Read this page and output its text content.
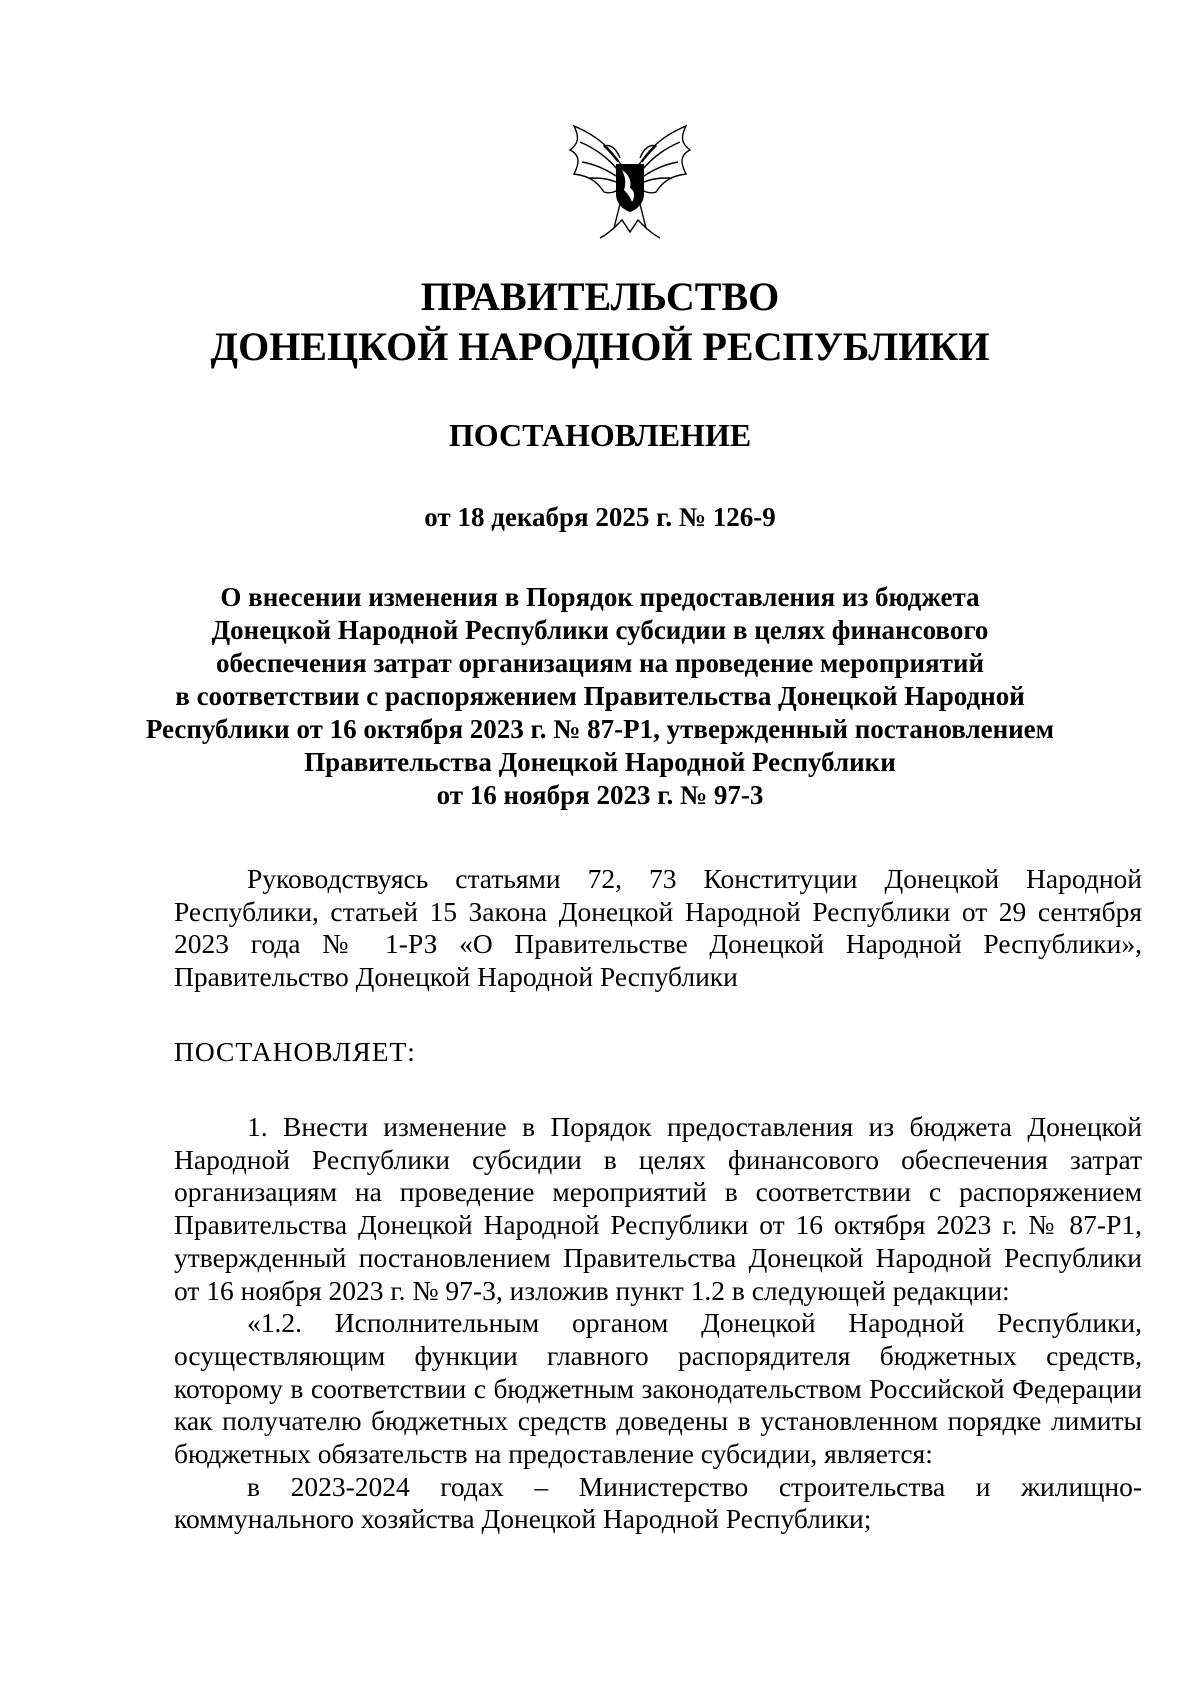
ПРАВИТЕЛЬСТВО
ДОНЕЦКОЙ НАРОДНОЙ РЕСПУБЛИКИ
ПОСТАНОВЛЕНИЕ
от 18 декабря 2025 г. № 126-9
О внесении изменения в Порядок предоставления из бюджета
Донецкой Народной Республики субсидии в целях финансового
обеспечения затрат организациям на проведение мероприятий
в соответствии с распоряжением Правительства Донецкой Народной
Республики от 16 октября 2023 г. № 87-Р1, утвержденный постановлением
Правительства Донецкой Народной Республики
от 16 ноября 2023 г. № 97-3

Руководствуясь статьями 72, 73 Конституции Донецкой Народной Республики, статьей 15 Закона Донецкой Народной Республики от 29 сентября 2023 года № 1-РЗ «О Правительстве Донецкой Народной Республики», Правительство Донецкой Народной Республики

ПОСТАНОВЛЯЕТ:

1. Внести изменение в Порядок предоставления из бюджета Донецкой Народной Республики субсидии в целях финансового обеспечения затрат организациям на проведение мероприятий в соответствии с распоряжением Правительства Донецкой Народной Республики от 16 октября 2023 г. № 87-Р1, утвержденный постановлением Правительства Донецкой Народной Республики от 16 ноября 2023 г. № 97-3, изложив пункт 1.2 в следующей редакции:

«1.2. Исполнительным органом Донецкой Народной Республики, осуществляющим функции главного распорядителя бюджетных средств, которому в соответствии с бюджетным законодательством Российской Федерации как получателю бюджетных средств доведены в установленном порядке лимиты бюджетных обязательств на предоставление субсидии, является:

в 2023-2024 годах – Министерство строительства и жилищно-коммунального хозяйства Донецкой Народной Республики;
